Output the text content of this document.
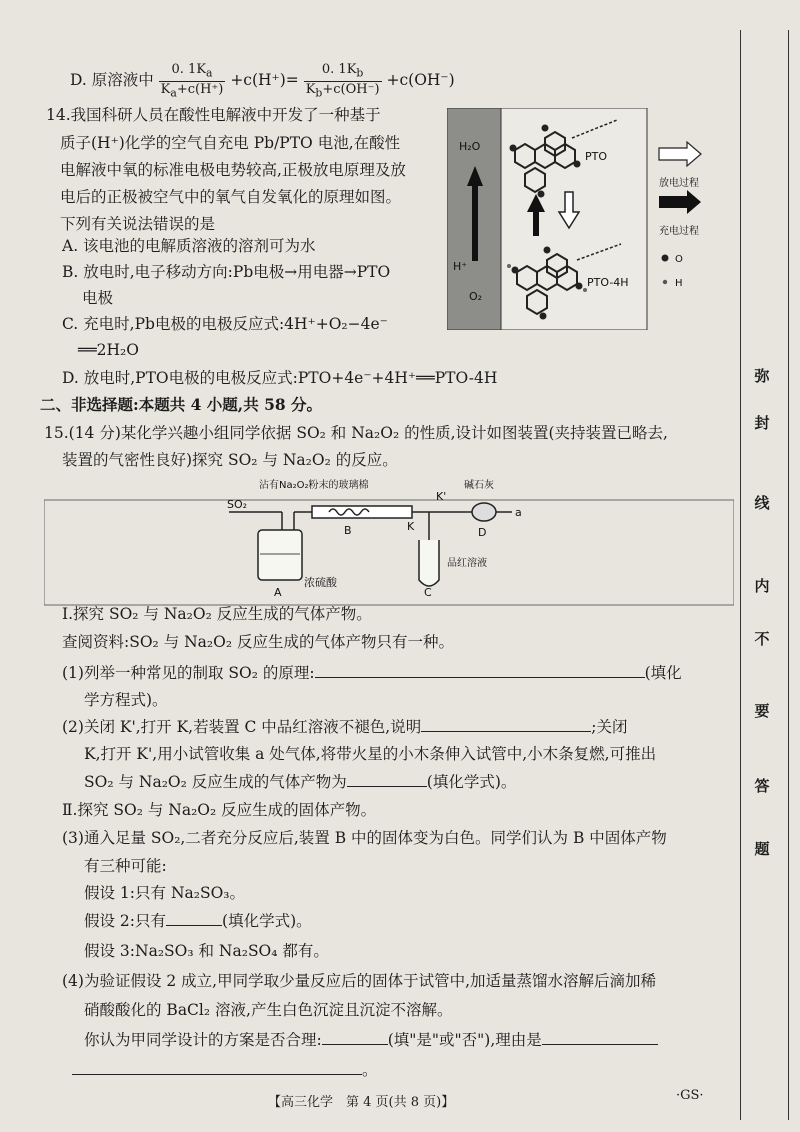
D. 原溶液中 $\frac{0. 1K_a}{K_a+c(H^+)} +c(H^+)= \frac{0. 1K_b}{K_b+c(OH^-)} +c(OH^-)$
14.我国科研人员在酸性电解液中开发了一种基于
质子(H⁺)化学的空气自充电 Pb/PTO 电池,在酸性
电解液中氧的标准电极电势较高,正极放电原理及放
电后的正极被空气中的氧气自发氧化的原理如图。
下列有关说法错误的是
A. 该电池的电解质溶液的溶剂可为水
B. 放电时,电子移动方向:Pb电极→用电器→PTO
电极
C. 充电时,Pb电极的电极反应式:4H⁺+O₂−4e⁻
══2H₂O
D. 放电时,PTO电极的电极反应式:PTO+4e⁻+4H⁺══PTO-4H
H₂O
H⁺
O₂
PTO
PTO-4H
放电过程
充电过程
O
H
二、非选择题:本题共 4 小题,共 58 分。
15.(14 分)某化学兴趣小组同学依据 SO₂ 和 Na₂O₂ 的性质,设计如图装置(夹持装置已略去,
装置的气密性良好)探究 SO₂ 与 Na₂O₂ 的反应。
SO₂
A
浓硫酸
沾有Na₂O₂粉末的玻璃棉
B	K
K'
C
品红溶液
碱石灰
D
a
Ⅰ.探究 SO₂ 与 Na₂O₂ 反应生成的气体产物。
查阅资料:SO₂ 与 Na₂O₂ 反应生成的气体产物只有一种。
(1)列举一种常见的制取 SO₂ 的原理:	(填化
学方程式)。
(2)关闭 K',打开 K,若装置 C 中品红溶液不褪色,说明	;关闭
K,打开 K',用小试管收集 a 处气体,将带火星的小木条伸入试管中,小木条复燃,可推出
SO₂ 与 Na₂O₂ 反应生成的气体产物为	(填化学式)。
Ⅱ.探究 SO₂ 与 Na₂O₂ 反应生成的固体产物。
(3)通入足量 SO₂,二者充分反应后,装置 B 中的固体变为白色。同学们认为 B 中固体产物
有三种可能:
假设 1:只有 Na₂SO₃。
假设 2:只有	(填化学式)。
假设 3:Na₂SO₃ 和 Na₂SO₄ 都有。
(4)为验证假设 2 成立,甲同学取少量反应后的固体于试管中,加适量蒸馏水溶解后滴加稀
硝酸酸化的 BaCl₂ 溶液,产生白色沉淀且沉淀不溶解。
你认为甲同学设计的方案是否合理:	(填"是"或"否"),理由是
。
【高三化学　第 4 页(共 8 页)】	·GS·
弥
封
线
内
不
要
答
题
